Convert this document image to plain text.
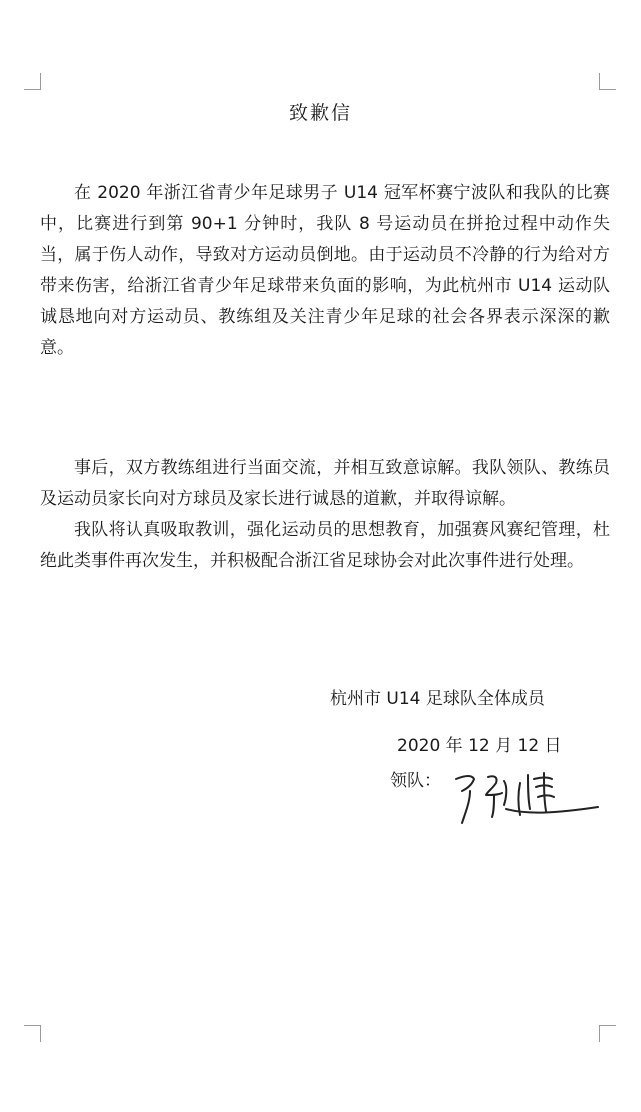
致歉信

在 2020 年浙江省青少年足球男子 U14 冠军杯赛宁波队和我队的比赛中，比赛进行到第 90+1 分钟时，我队 8 号运动员在拼抢过程中动作失当，属于伤人动作，导致对方运动员倒地。由于运动员不冷静的行为给对方带来伤害，给浙江省青少年足球带来负面的影响，为此杭州市 U14 运动队诚恳地向对方运动员、教练组及关注青少年足球的社会各界表示深深的歉意。

事后，双方教练组进行当面交流，并相互致意谅解。我队领队、教练员及运动员家长向对方球员及家长进行诚恳的道歉，并取得谅解。

我队将认真吸取教训，强化运动员的思想教育，加强赛风赛纪管理，杜绝此类事件再次发生，并积极配合浙江省足球协会对此次事件进行处理。

杭州市 U14 足球队全体成员
2020 年 12 月 12 日
领队：
